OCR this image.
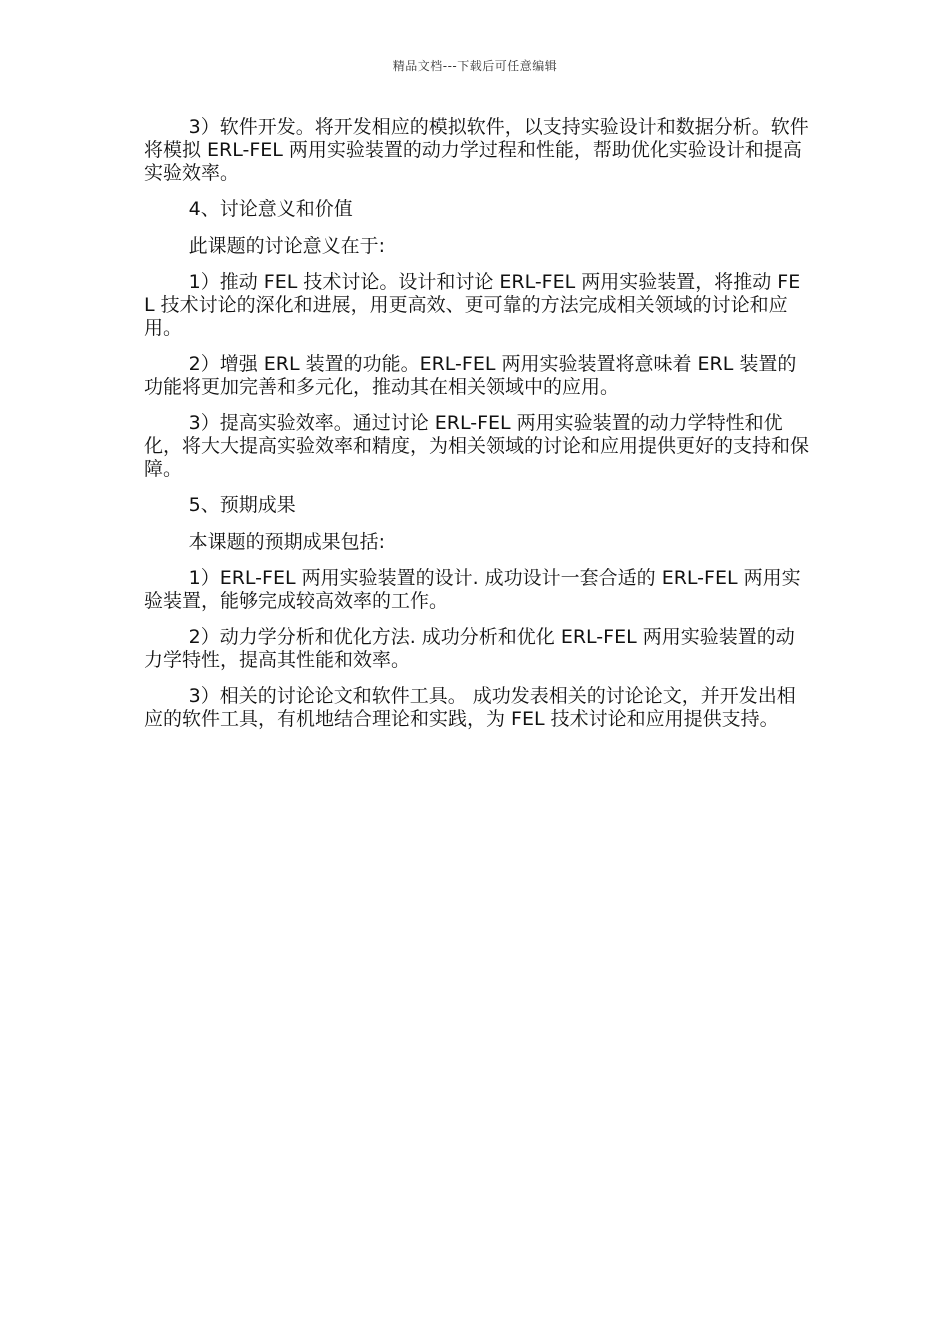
精品文档---下载后可任意编辑

3）软件开发。将开发相应的模拟软件，以支持实验设计和数据分析。软件将模拟 ERL-FEL 两用实验装置的动力学过程和性能，帮助优化实验设计和提高实验效率。

4、讨论意义和价值

此课题的讨论意义在于:

1）推动 FEL 技术讨论。设计和讨论 ERL-FEL 两用实验装置，将推动 FEL 技术讨论的深化和进展，用更高效、更可靠的方法完成相关领域的讨论和应用。

2）增强 ERL 装置的功能。ERL-FEL 两用实验装置将意味着 ERL 装置的功能将更加完善和多元化，推动其在相关领域中的应用。

3）提高实验效率。通过讨论 ERL-FEL 两用实验装置的动力学特性和优化，将大大提高实验效率和精度，为相关领域的讨论和应用提供更好的支持和保障。

5、预期成果

本课题的预期成果包括:

1）ERL-FEL 两用实验装置的设计. 成功设计一套合适的 ERL-FEL 两用实验装置，能够完成较高效率的工作。

2）动力学分析和优化方法. 成功分析和优化 ERL-FEL 两用实验装置的动力学特性，提高其性能和效率。

3）相关的讨论论文和软件工具。 成功发表相关的讨论论文，并开发出相应的软件工具，有机地结合理论和实践，为 FEL 技术讨论和应用提供支持。
